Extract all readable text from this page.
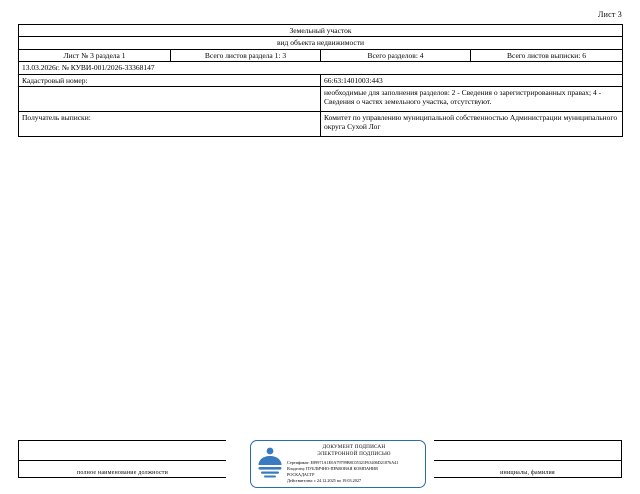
Лист 3
Земельный участок			
вид объекта недвижимости			
Лист № 3 раздела 1	Всего листов раздела 1: 3	Всего разделов: 4	Всего листов выписки: 6
13.03.2026г. № КУВИ-001/2026-33368147			
Кадастровый номер:		66:63:1401003:443	
		необходимые для заполнения разделов: 2 - Сведения о зарегистрированных правах; 4 - Сведения о частях земельного участка, отсутствуют.	
Получатель выписки:		Комитет по управлению муниципальной собственностью Администрации муниципального округа Сухой Лог	
полное наименование должности	инициалы, фамилия
ДОКУМЕНТ ПОДПИСАН
ЭЛЕКТРОННОЙ ПОДПИСЬЮ
Сертификат: E89971A1E0A79799B8C05321F63406D21876A41
Владелец: ПУБЛИЧНО-ПРАВОВАЯ КОМПАНИЯ
РОСКАДАСТР
Действителен: с 24.12.2025 по 19.03.2027
